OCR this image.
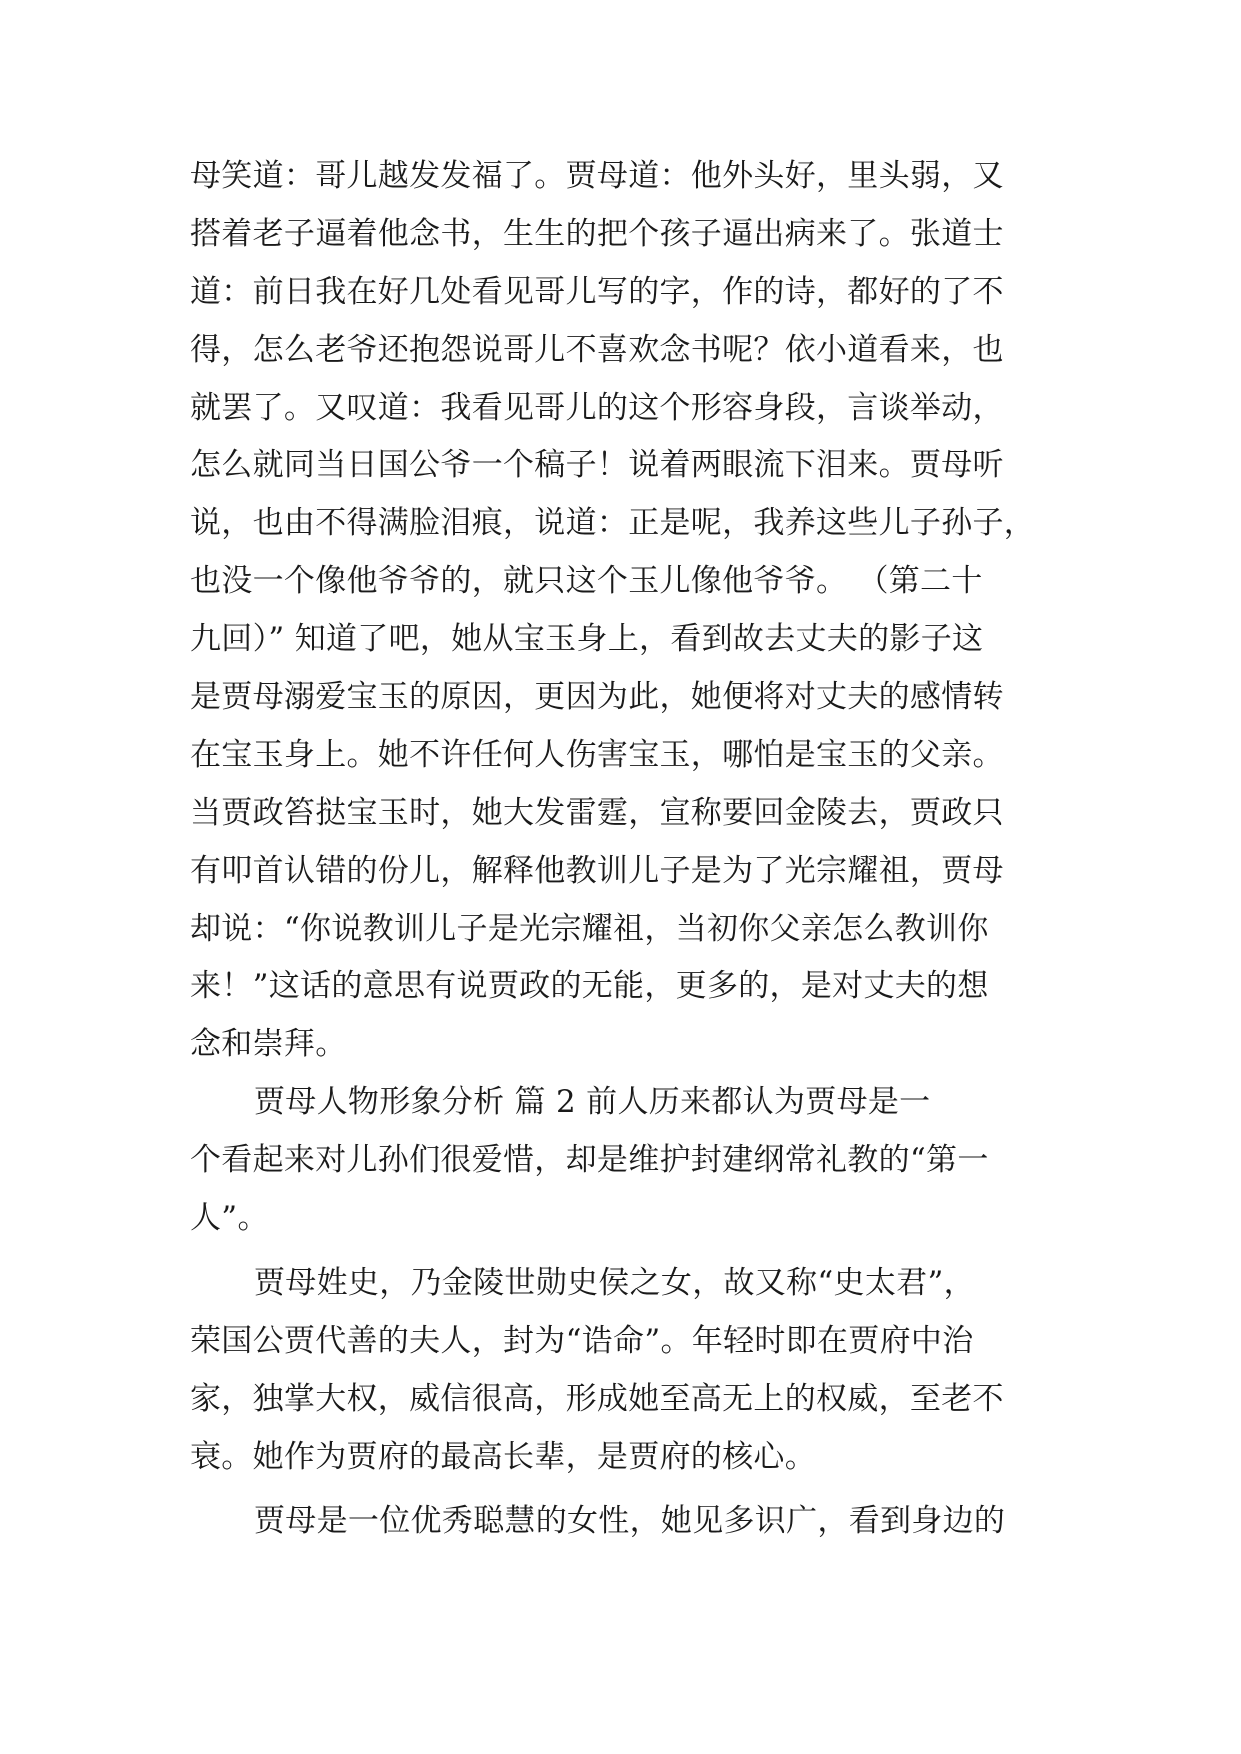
母笑道：哥儿越发发福了。贾母道：他外头好，里头弱，又
搭着老子逼着他念书，生生的把个孩子逼出病来了。张道士
道：前日我在好几处看见哥儿写的字，作的诗，都好的了不
得，怎么老爷还抱怨说哥儿不喜欢念书呢？依小道看来，也
就罢了。又叹道：我看见哥儿的这个形容身段，言谈举动，
怎么就同当日国公爷一个稿子！说着两眼流下泪来。贾母听
说，也由不得满脸泪痕，说道：正是呢，我养这些儿子孙子，
也没一个像他爷爷的，就只这个玉儿像他爷爷。 （第二十
九回）” 知道了吧，她从宝玉身上，看到故去丈夫的影子这
是贾母溺爱宝玉的原因，更因为此，她便将对丈夫的感情转
在宝玉身上。她不许任何人伤害宝玉，哪怕是宝玉的父亲。
当贾政笞挞宝玉时，她大发雷霆，宣称要回金陵去，贾政只
有叩首认错的份儿，解释他教训儿子是为了光宗耀祖，贾母
却说：“你说教训儿子是光宗耀祖，当初你父亲怎么教训你
来！”这话的意思有说贾政的无能，更多的，是对丈夫的想
念和崇拜。
贾母人物形象分析 篇 2 前人历来都认为贾母是一
个看起来对儿孙们很爱惜，却是维护封建纲常礼教的“第一
人”。
贾母姓史，乃金陵世勋史侯之女，故又称“史太君”，
荣国公贾代善的夫人，封为“诰命”。年轻时即在贾府中治
家，独掌大权，威信很高，形成她至高无上的权威，至老不
衰。她作为贾府的最高长辈，是贾府的核心。
贾母是一位优秀聪慧的女性，她见多识广，看到身边的
